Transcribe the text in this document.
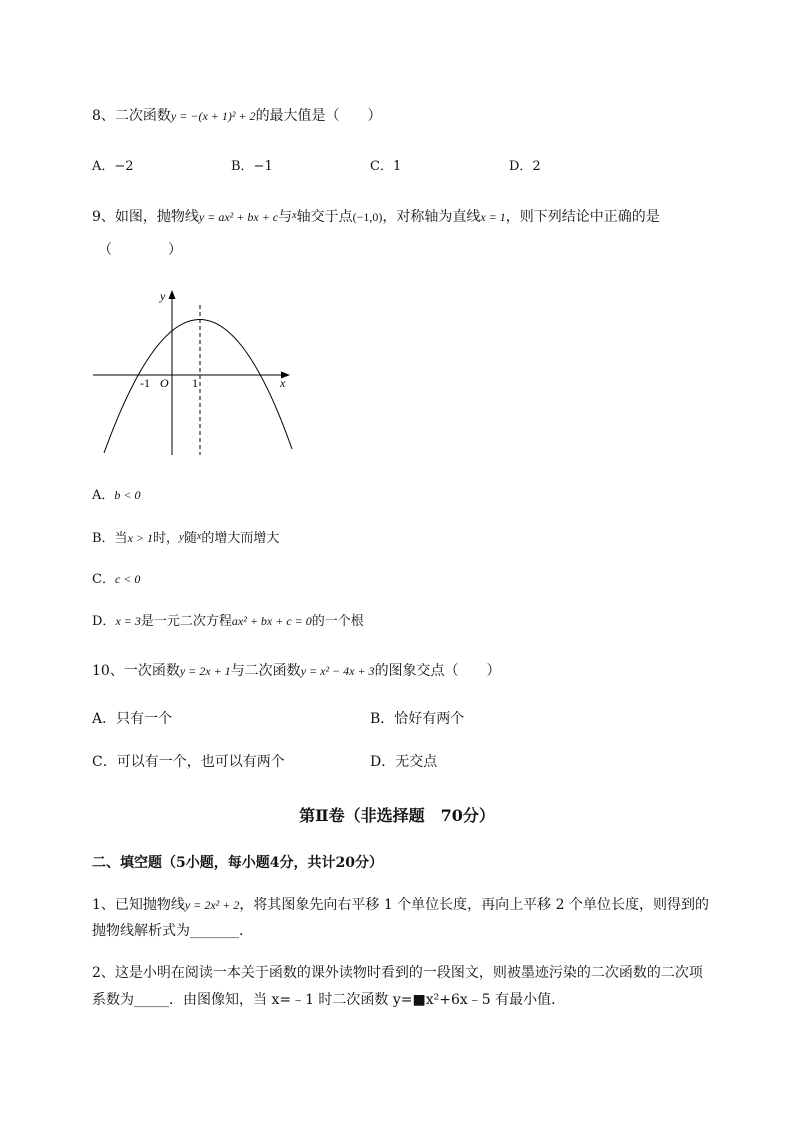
8、二次函数y = −(x + 1)² + 2的最大值是（　　）
A．−2	B．−1	C．1	D．2
9、如图，抛物线y = ax² + bx + c与$^x$轴交于点(−1,0)，对称轴为直线x = 1，则下列结论中正确的是
（　　　　）
y
x
O
-1	1
A．b < 0
B．当x > 1时，y随$^x$的增大而增大
C．c < 0
D．x = 3是一元二次方程ax² + bx + c = 0的一个根
10、一次函数y = 2x + 1与二次函数y = x² − 4x + 3的图象交点（　　）
A．只有一个	B．恰好有两个
C．可以有一个，也可以有两个	D．无交点
第Ⅱ卷（非选择题　70分）
二、填空题（5小题，每小题4分，共计20分）
1、已知抛物线y = 2x² + 2，将其图象先向右平移 1 个单位长度，再向上平移 2 个单位长度，则得到的
抛物线解析式为_______.
2、这是小明在阅读一本关于函数的课外读物时看到的一段图文，则被墨迹污染的二次函数的二次项
系数为_____．由图像知，当 x=﹣1 时二次函数 y=■x²+6x﹣5 有最小值．
